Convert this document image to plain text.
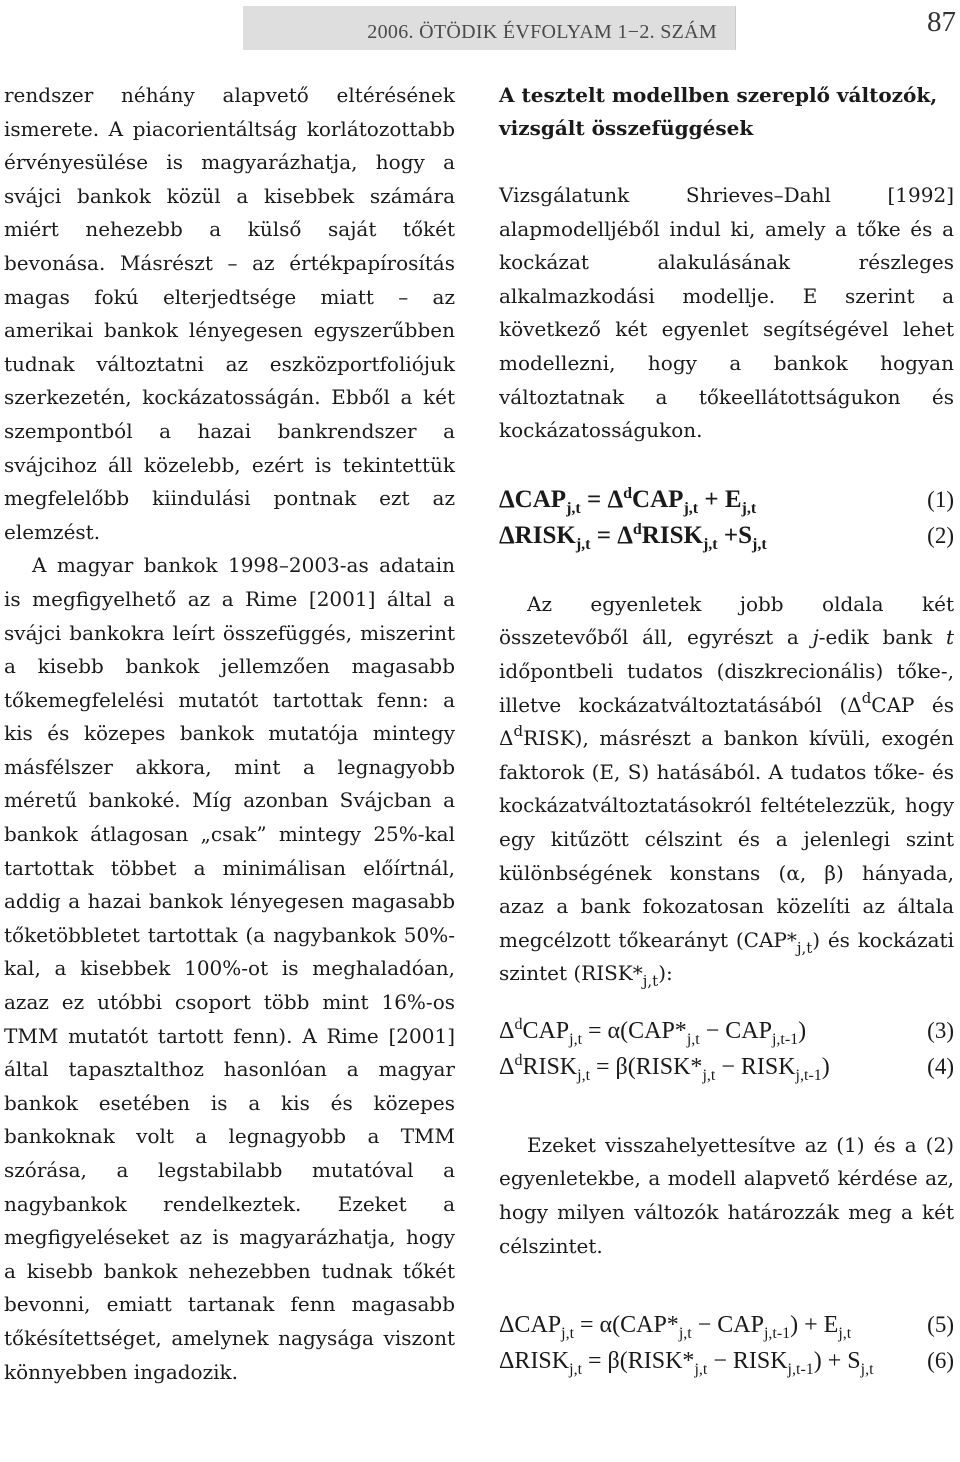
2006. ÖTÖDIK ÉVFOLYAM 1−2. SZÁM	87

rendszer néhány alapvető eltérésének ismerete. A piacorientáltság korlátozottabb érvényesülése is magyarázhatja, hogy a svájci bankok közül a kisebbek számára miért nehezebb a külső saját tőkét bevonása. Másrészt – az értékpapírosítás magas fokú elterjedtsége miatt – az amerikai bankok lényegesen egyszerűbben tudnak változtatni az eszközportfoliójuk szerkezetén, kockázatosságán. Ebből a két szempontból a hazai bankrendszer a svájcihoz áll közelebb, ezért is tekintettük megfelelőbb kiindulási pontnak ezt az elemzést.

A magyar bankok 1998–2003-as adatain is megfigyelhető az a Rime [2001] által a svájci bankokra leírt összefüggés, miszerint a kisebb bankok jellemzően magasabb tőkemegfelelési mutatót tartottak fenn: a kis és közepes bankok mutatója mintegy másfélszer akkora, mint a legnagyobb méretű bankoké. Míg azonban Svájcban a bankok átlagosan „csak” mintegy 25%-kal tartottak többet a minimálisan előírtnál, addig a hazai bankok lényegesen magasabb tőketöbbletet tartottak (a nagybankok 50%-kal, a kisebbek 100%-ot is meghaladóan, azaz ez utóbbi csoport több mint 16%-os TMM mutatót tartott fenn). A Rime [2001] által tapasztalthoz hasonlóan a magyar bankok esetében is a kis és közepes bankoknak volt a legnagyobb a TMM szórása, a legstabilabb mutatóval a nagybankok rendelkeztek. Ezeket a megfigyeléseket az is magyarázhatja, hogy a kisebb bankok nehezebben tudnak tőkét bevonni, emiatt tartanak fenn magasabb tőkésítettséget, amelynek nagysága viszont könnyebben ingadozik.

A tesztelt modellben szereplő változók, vizsgált összefüggések

Vizsgálatunk Shrieves–Dahl [1992] alapmodelljéből indul ki, amely a tőke és a kockázat alakulásának részleges alkalmazkodási modellje. E szerint a következő két egyenlet segítségével lehet modellezni, hogy a bankok hogyan változtatnak a tőkeellátottságukon és kockázatosságukon.

$\Delta CAP_{j,t} = \Delta^dCAP_{j,t} + E_{j,t}$	(1)
$\Delta RISK_{j,t}$ = $\Delta^dRISK_{j,t} +S_{j,t}$	(2)

Az egyenletek jobb oldala két összetevőből áll, egyrészt a j-edik bank t időpontbeli tudatos (diszkrecionális) tőke-, illetve kockázatváltoztatásából ($\Delta^dCAP$ és $\Delta^dRISK$), másrészt a bankon kívüli, exogén faktorok (E, S) hatásából. A tudatos tőke- és kockázatváltoztatásokról feltételezzük, hogy egy kitűzött célszint és a jelenlegi szint különbségének konstans (α, β) hányada, azaz a bank fokozatosan közelíti az általa megcélzott tőkearányt $(CAP*_{j,t})$ és kockázati szintet $(RISK*_{j,t})$:

$\Delta^dCAP_{j,t} = \alpha(CAP*_{j,t} - CAP_{j,t-1})$	(3)
$\Delta^dRISK_{j,t}$ = $\beta(RISK*_{j,t}$ − $RISK_{j,t-1}$)	(4)

Ezeket visszahelyettesítve az (1) és a (2) egyenletekbe, a modell alapvető kérdése az, hogy milyen változók határozzák meg a két célszintet.

$\Delta CAP_{j,t} = \alpha(CAP*_{j,t} - CAP_{j,t-1}) + E_{j,t}$	(5)
$\Delta RISK_{j,t}$ = $\beta(RISK*_{j,t}$ − $RISK_{j,t-1}) + S_{j,t}$ (6)
